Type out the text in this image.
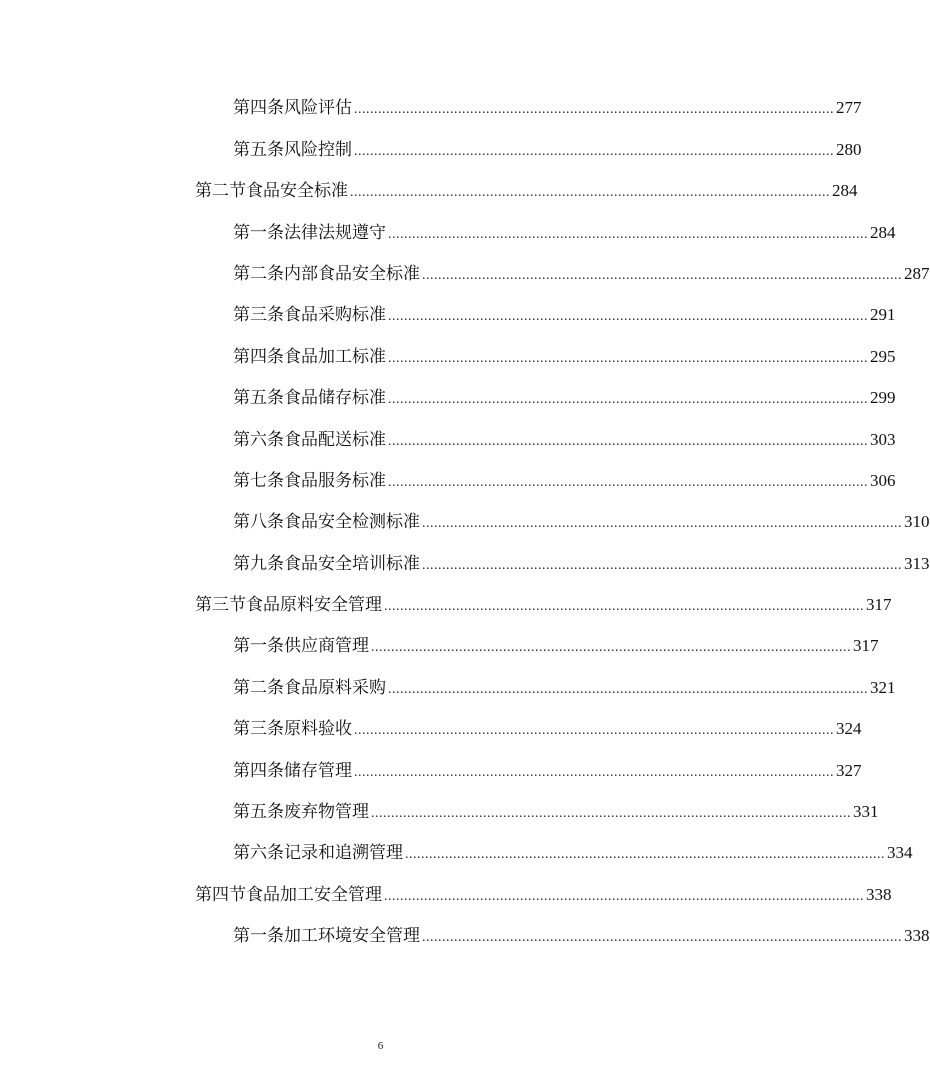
第四条 风险评估 ........................................................................................................................ 277
第五条 风险控制 ........................................................................................................................ 280
第二节 食品安全标准 ........................................................................................................................ 284
第一条 法律法规遵守 ........................................................................................................................ 284
第二条 内部食品安全标准 ........................................................................................................................ 287
第三条 食品采购标准 ........................................................................................................................ 291
第四条 食品加工标准 ........................................................................................................................ 295
第五条 食品储存标准 ........................................................................................................................ 299
第六条 食品配送标准 ........................................................................................................................ 303
第七条 食品服务标准 ........................................................................................................................ 306
第八条 食品安全检测标准 ........................................................................................................................ 310
第九条 食品安全培训标准 ........................................................................................................................ 313
第三节 食品原料安全管理 ........................................................................................................................ 317
第一条 供应商管理 ........................................................................................................................ 317
第二条 食品原料采购 ........................................................................................................................ 321
第三条 原料验收 ........................................................................................................................ 324
第四条 储存管理 ........................................................................................................................ 327
第五条 废弃物管理 ........................................................................................................................ 331
第六条 记录和追溯管理 ........................................................................................................................ 334
第四节 食品加工安全管理 ........................................................................................................................ 338
第一条 加工环境安全管理 ........................................................................................................................ 338
6
